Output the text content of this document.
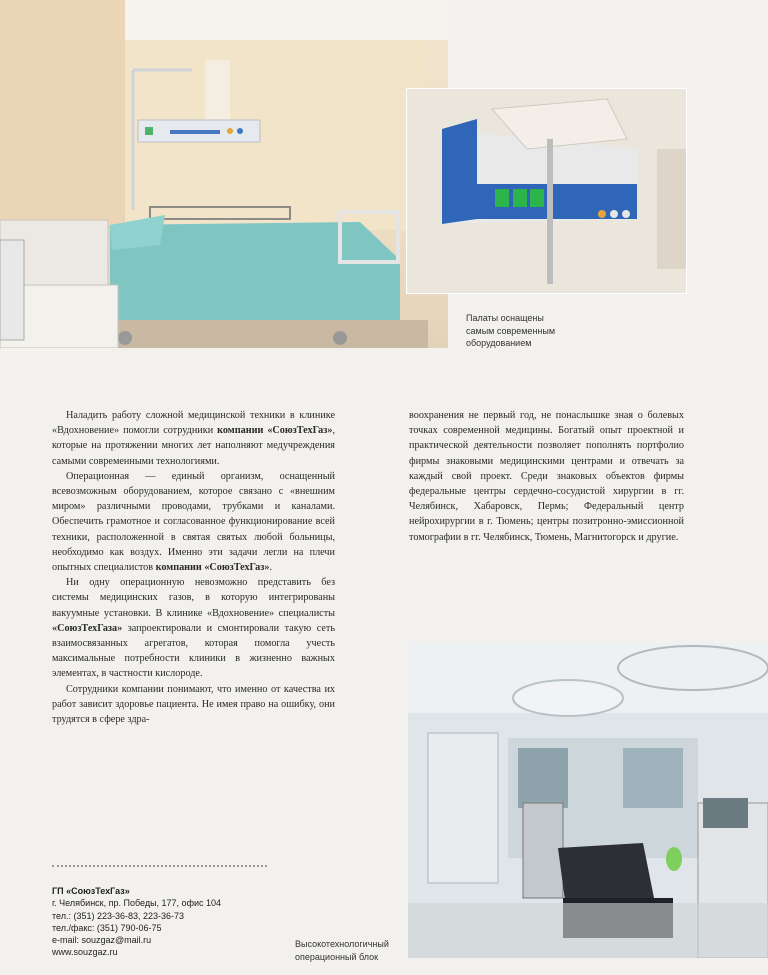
Палаты оснащены
самым современным
оборудованием

Наладить работу сложной медицинской техники в клинике «Вдохновение» помогли сотрудники компании «СоюзТехГаз», которые на протяжении многих лет наполняют медучреждения самыми современными технологиями.

Операционная — единый организм, оснащенный всевозможным оборудованием, которое связано с «внешним миром» различными проводами, трубками и каналами. Обеспечить грамотное и согласованное функционирование всей техники, расположенной в святая святых любой больницы, необходимо как воздух. Именно эти задачи легли на плечи опытных специалистов компании «СоюзТехГаз».

Ни одну операционную невозможно представить без системы медицинских газов, в которую интегрированы вакуумные установки. В клинике «Вдохновение» специалисты «СоюзТехГаза» запроектировали и смонтировали такую сеть взаимосвязанных агрегатов, которая помогла учесть максимальные потребности клиники в жизненно важных элементах, в частности кислороде.

Сотрудники компании понимают, что именно от качества их работ зависит здоровье пациента. Не имея право на ошибку, они трудятся в сфере здра-

воохранения не первый год, не понаслышке зная о болевых точках современной медицины. Богатый опыт проектной и практической деятельности позволяет пополнять портфолио фирмы знаковыми медицинскими центрами и отвечать за каждый свой проект. Среди знаковых объектов фирмы федеральные центры сердечно-сосудистой хирургии в гг. Челябинск, Хабаровск, Пермь; Федеральный центр нейрохирургии в г. Тюмень; центры позитронно-эмиссионной томографии в гг. Челябинск, Тюмень, Магнитогорск и другие.

Высокотехнологичный
операционный блок
ГП «СоюзТехГаз»
г. Челябинск, пр. Победы, 177, офис 104
тел.: (351) 223-36-83, 223-36-73
тел./факс: (351) 790-06-75
e-mail: souzgaz@mail.ru
www.souzgaz.ru
